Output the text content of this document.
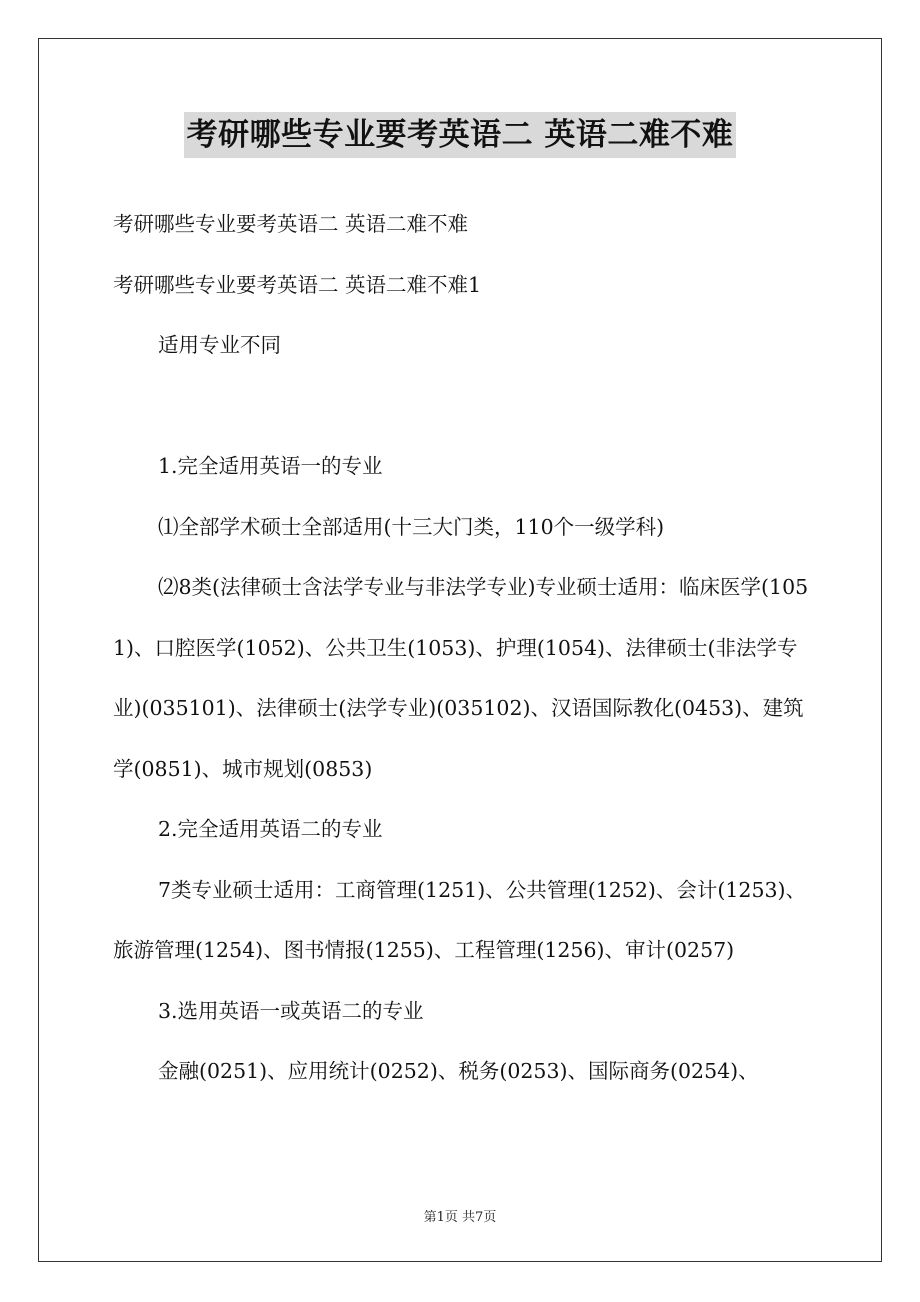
考研哪些专业要考英语二 英语二难不难

考研哪些专业要考英语二 英语二难不难

考研哪些专业要考英语二 英语二难不难1

适用专业不同

1.完全适用英语一的专业

⑴全部学术硕士全部适用(十三大门类，110个一级学科)

⑵8类(法律硕士含法学专业与非法学专业)专业硕士适用：临床医学(1051)、口腔医学(1052)、公共卫生(1053)、护理(1054)、法律硕士(非法学专业)(035101)、法律硕士(法学专业)(035102)、汉语国际教化(0453)、建筑学(0851)、城市规划(0853)

2.完全适用英语二的专业

7类专业硕士适用：工商管理(1251)、公共管理(1252)、会计(1253)、旅游管理(1254)、图书情报(1255)、工程管理(1256)、审计(0257)

3.选用英语一或英语二的专业

金融(0251)、应用统计(0252)、税务(0253)、国际商务(0254)、

第1页 共7页
